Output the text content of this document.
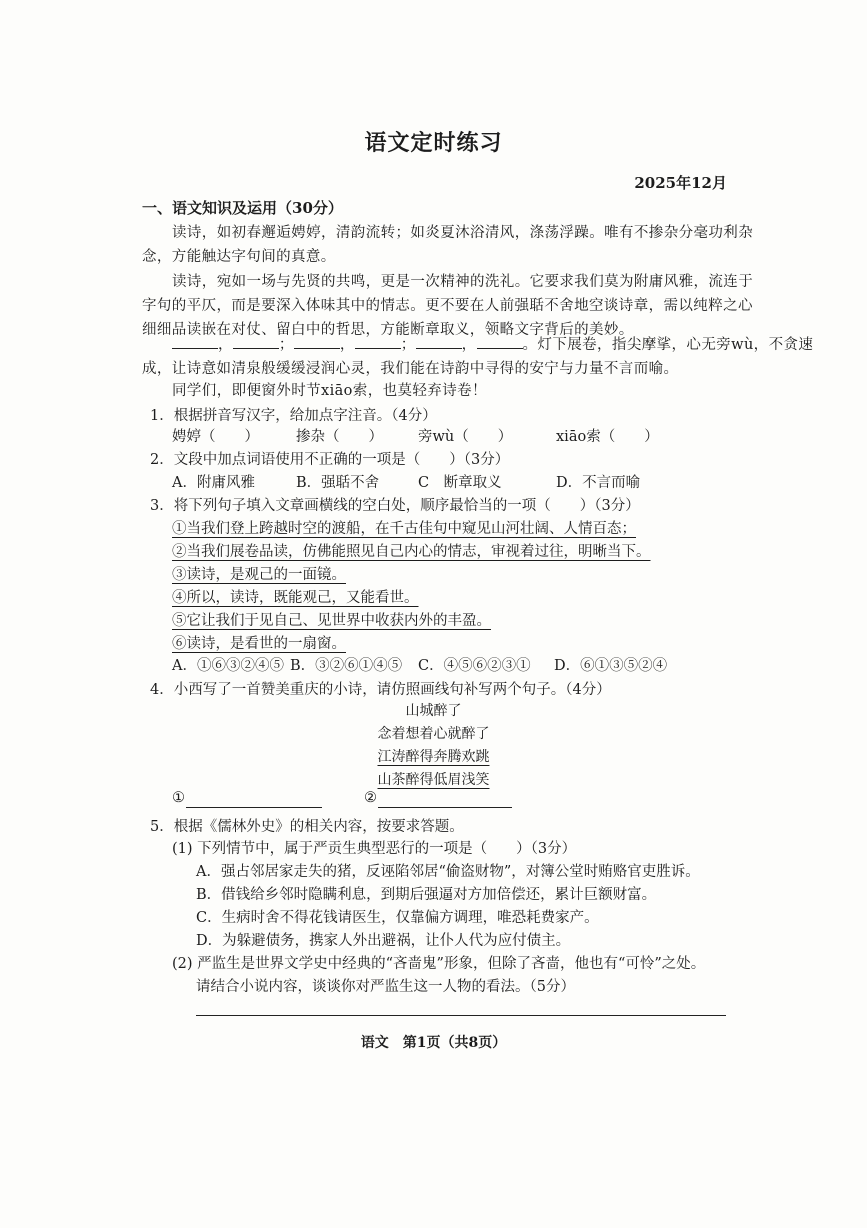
语文定时练习
2025年12月
一、语文知识及运用（30分）
读诗，如初春邂逅娉婷，清韵流转；如炎夏沐浴清风，涤荡浮躁。唯有不掺杂分毫功利杂
念，方能触达字句间的真意。
读诗，宛如一场与先贤的共鸣，更是一次精神的洗礼。它要求我们莫为附庸风雅，流连于
字句的平仄，而是要深入体味其中的情志。更不要在人前强聒不舍地空谈诗章，需以纯粹之心
细细品读嵌在对仗、留白中的哲思，方能断章取义，领略文字背后的美妙。
，	；	，	；	，	。灯下展卷，指尖摩挲，心无旁wù，不贪速
成，让诗意如清泉般缓缓浸润心灵，我们能在诗韵中寻得的安宁与力量不言而喻。
同学们，即便窗外时节xiāo索，也莫轻弃诗卷！
1．根据拼音写汉字，给加点字注音。（4分）
娉婷（　　）	掺杂（　　） 旁wù（　　）	xiāo索（　　）
2．文段中加点词语使用不正确的一项是（　　）（3分）
A．附庸风雅	B．强聒不舍	C　断章取义	D．不言而喻
3．将下列句子填入文章画横线的空白处，顺序最恰当的一项（　　）（3分）
①当我们登上跨越时空的渡船，在千古佳句中窥见山河壮阔、人情百态；
②当我们展卷品读，仿佛能照见自己内心的情志，审视着过往，明晰当下。
③读诗，是观己的一面镜。
④所以，读诗，既能观己，又能看世。
⑤它让我们于见自己、见世界中收获内外的丰盈。
⑥读诗，是看世的一扇窗。
A．①⑥③②④⑤ B．③②⑥①④⑤ C．④⑤⑥②③① D．⑥①③⑤②④
4．小西写了一首赞美重庆的小诗，请仿照画线句补写两个句子。（4分）
山城醉了
念着想着心就醉了
江涛醉得奔腾欢跳
山茶醉得低眉浅笑
①	②
5．根据《儒林外史》的相关内容，按要求答题。
(1) 下列情节中，属于严贡生典型恶行的一项是（　　）（3分）
A．强占邻居家走失的猪，反诬陷邻居“偷盗财物”，对簿公堂时贿赂官吏胜诉。
B．借钱给乡邻时隐瞒利息，到期后强逼对方加倍偿还，累计巨额财富。
C．生病时舍不得花钱请医生，仅靠偏方调理，唯恐耗费家产。
D．为躲避债务，携家人外出避祸，让仆人代为应付债主。
(2) 严监生是世界文学史中经典的“吝啬鬼”形象，但除了吝啬，他也有“可怜”之处。
请结合小说内容，谈谈你对严监生这一人物的看法。（5分）
语文　第1页（共8页）
